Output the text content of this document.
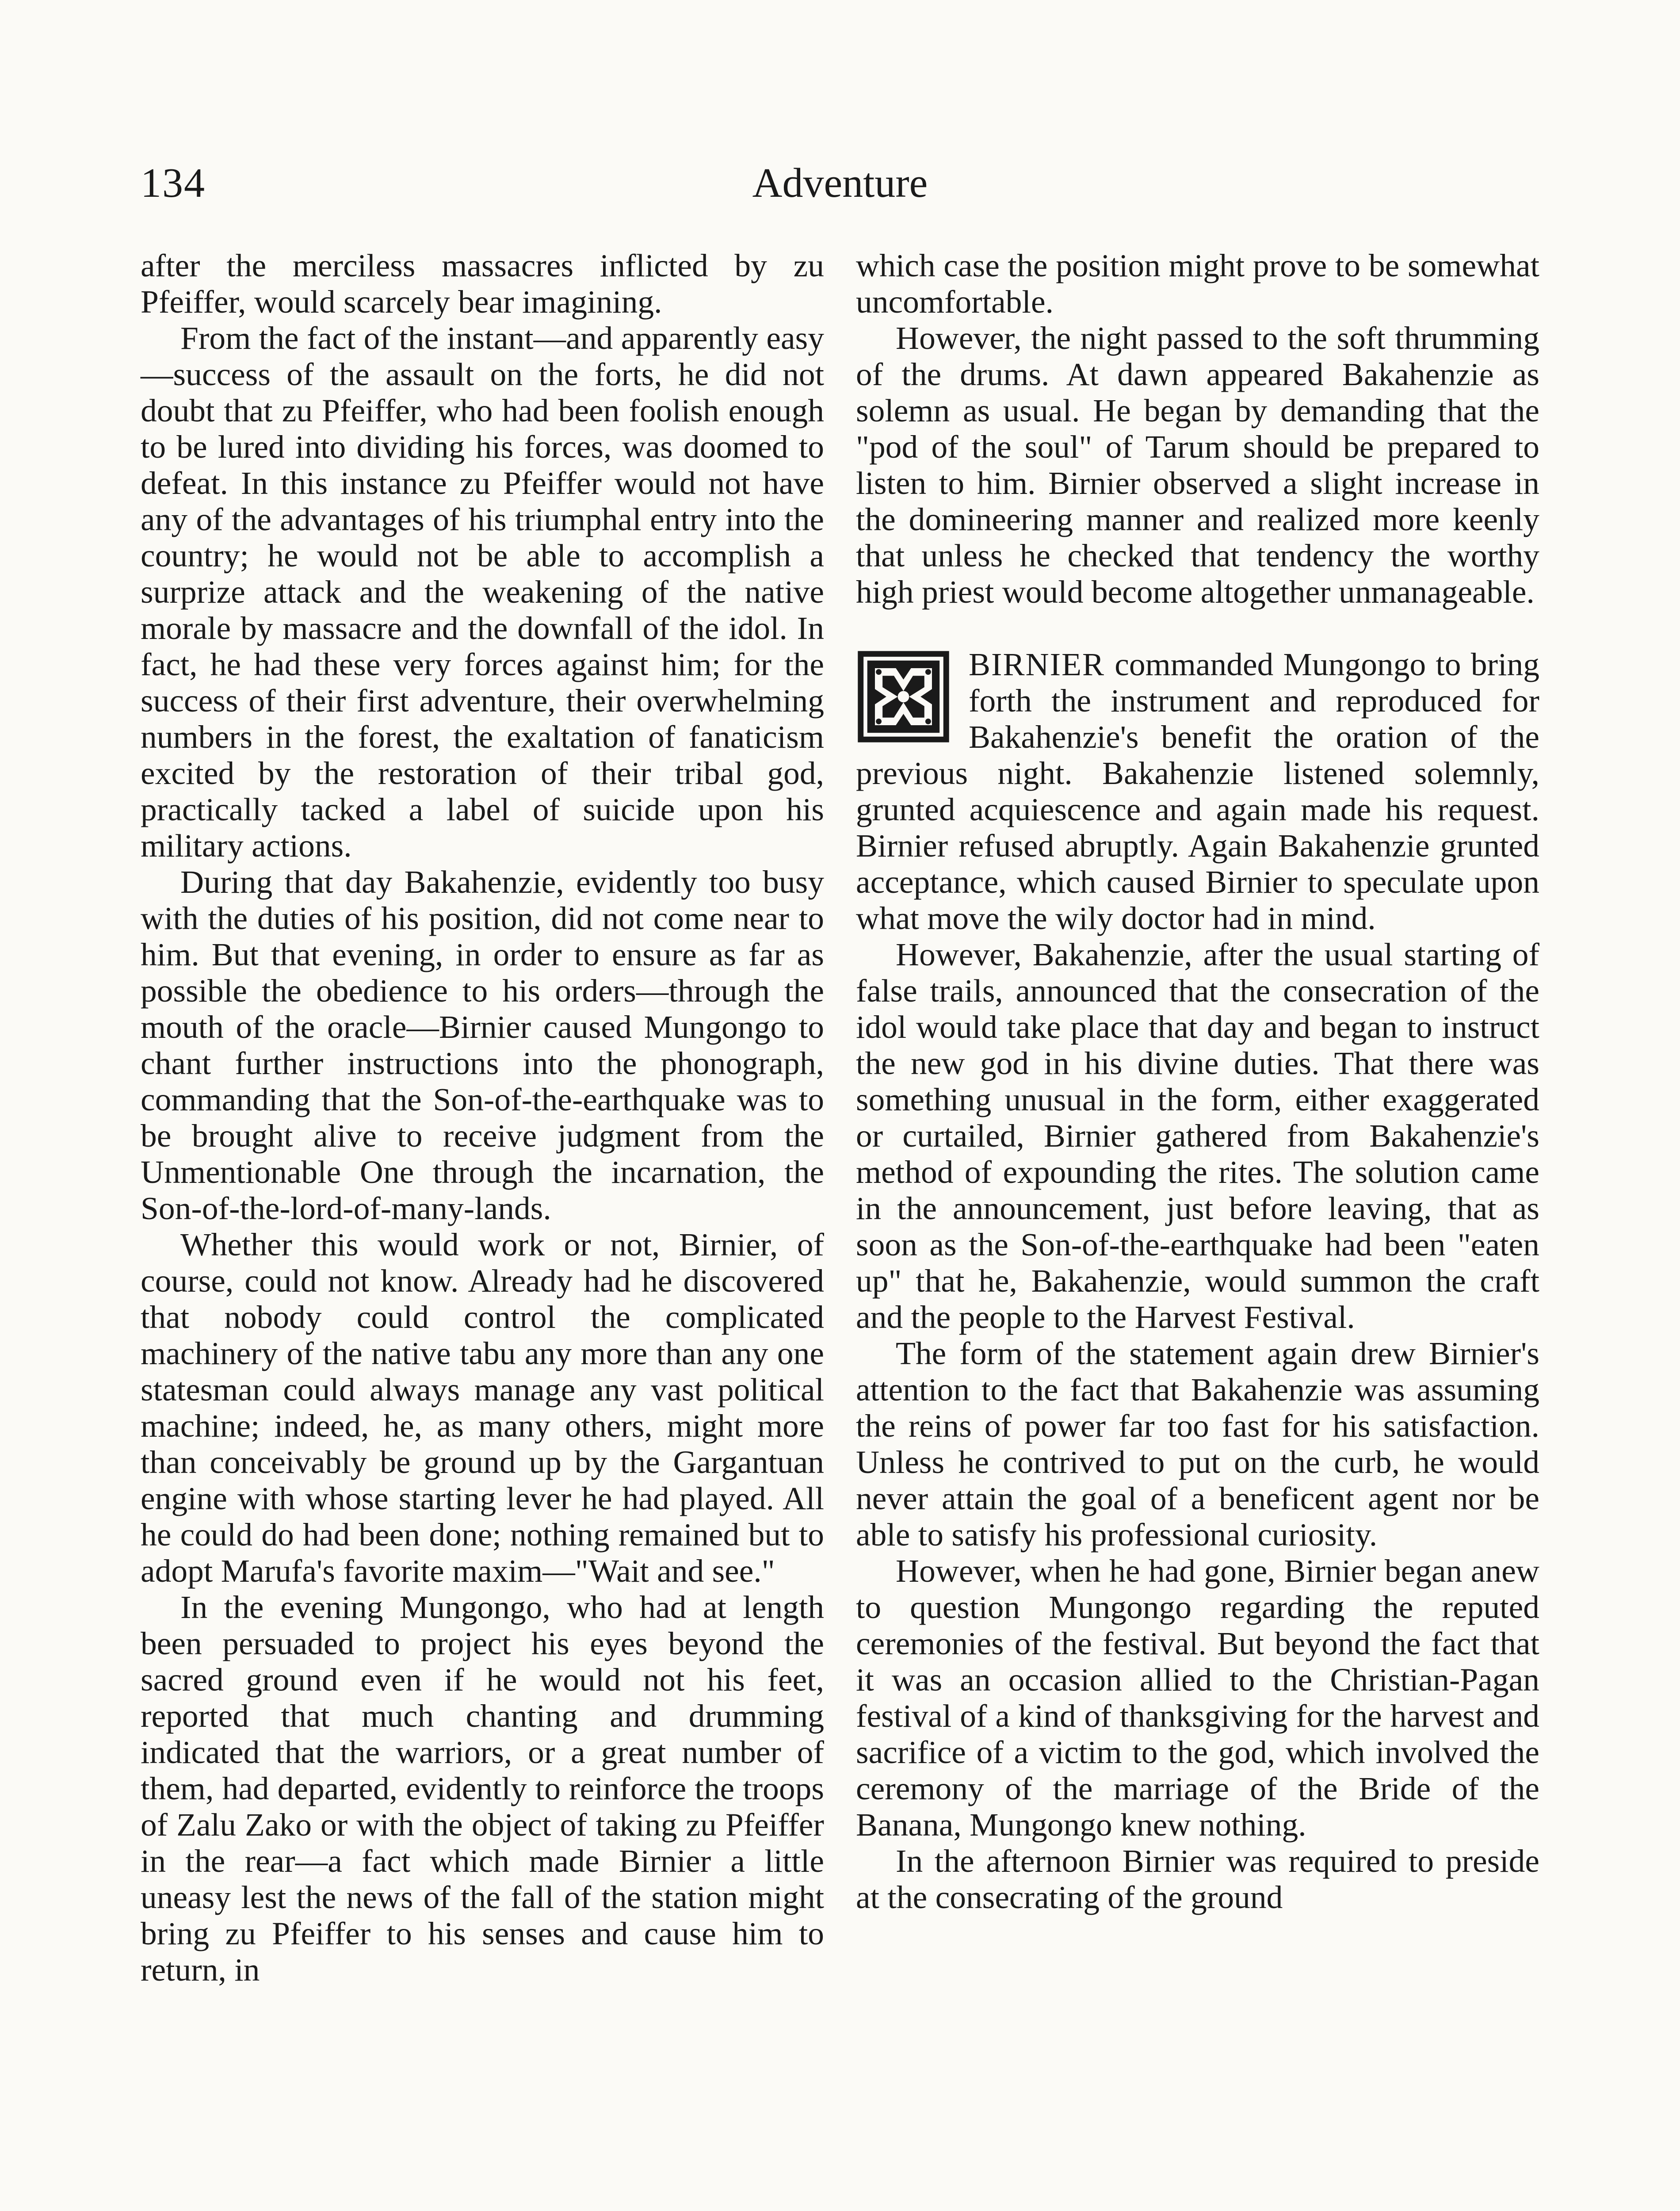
134	Adventure

after the merciless massacres inflicted by zu Pfeiffer, would scarcely bear imagining.

From the fact of the instant—and apparently easy—success of the assault on the forts, he did not doubt that zu Pfeiffer, who had been foolish enough to be lured into dividing his forces, was doomed to defeat. In this instance zu Pfeiffer would not have any of the advantages of his triumphal entry into the country; he would not be able to accomplish a surprize attack and the weakening of the native morale by massacre and the downfall of the idol. In fact, he had these very forces against him; for the success of their first adventure, their overwhelming numbers in the forest, the exaltation of fanaticism excited by the restoration of their tribal god, practically tacked a label of suicide upon his military actions.

During that day Bakahenzie, evidently too busy with the duties of his position, did not come near to him. But that evening, in order to ensure as far as possible the obedience to his orders—through the mouth of the oracle—Birnier caused Mungongo to chant further instructions into the phonograph, commanding that the Son-of-the-earthquake was to be brought alive to receive judgment from the Unmentionable One through the incarnation, the Son-of-the-lord-of-many-lands.

Whether this would work or not, Birnier, of course, could not know. Already had he discovered that nobody could control the complicated machinery of the native tabu any more than any one statesman could always manage any vast political machine; indeed, he, as many others, might more than conceivably be ground up by the Gargantuan engine with whose starting lever he had played. All he could do had been done; nothing remained but to adopt Marufa's favorite maxim—"Wait and see."

In the evening Mungongo, who had at length been persuaded to project his eyes beyond the sacred ground even if he would not his feet, reported that much chanting and drumming indicated that the warriors, or a great number of them, had departed, evidently to reinforce the troops of Zalu Zako or with the object of taking zu Pfeiffer in the rear—a fact which made Birnier a little uneasy lest the news of the fall of the station might bring zu Pfeiffer to his senses and cause him to return, in

which case the position might prove to be somewhat uncomfortable.

However, the night passed to the soft thrumming of the drums. At dawn appeared Bakahenzie as solemn as usual. He began by demanding that the "pod of the soul" of Tarum should be prepared to listen to him. Birnier observed a slight increase in the domineering manner and realized more keenly that unless he checked that tendency the worthy high priest would become altogether unmanageable.

BIRNIER commanded Mungongo to bring forth the instrument and reproduced for Bakahenzie's benefit the oration of the previous night. Bakahenzie listened solemnly, grunted acquiescence and again made his request. Birnier refused abruptly. Again Bakahenzie grunted acceptance, which caused Birnier to speculate upon what move the wily doctor had in mind.

However, Bakahenzie, after the usual starting of false trails, announced that the consecration of the idol would take place that day and began to instruct the new god in his divine duties. That there was something unusual in the form, either exaggerated or curtailed, Birnier gathered from Bakahenzie's method of expounding the rites. The solution came in the announcement, just before leaving, that as soon as the Son-of-the-earthquake had been "eaten up" that he, Bakahenzie, would summon the craft and the people to the Harvest Festival.

The form of the statement again drew Birnier's attention to the fact that Bakahenzie was assuming the reins of power far too fast for his satisfaction. Unless he contrived to put on the curb, he would never attain the goal of a beneficent agent nor be able to satisfy his professional curiosity.

However, when he had gone, Birnier began anew to question Mungongo regarding the reputed ceremonies of the festival. But beyond the fact that it was an occasion allied to the Christian-Pagan festival of a kind of thanksgiving for the harvest and sacrifice of a victim to the god, which involved the ceremony of the marriage of the Bride of the Banana, Mungongo knew nothing.

In the afternoon Birnier was required to preside at the consecrating of the ground
